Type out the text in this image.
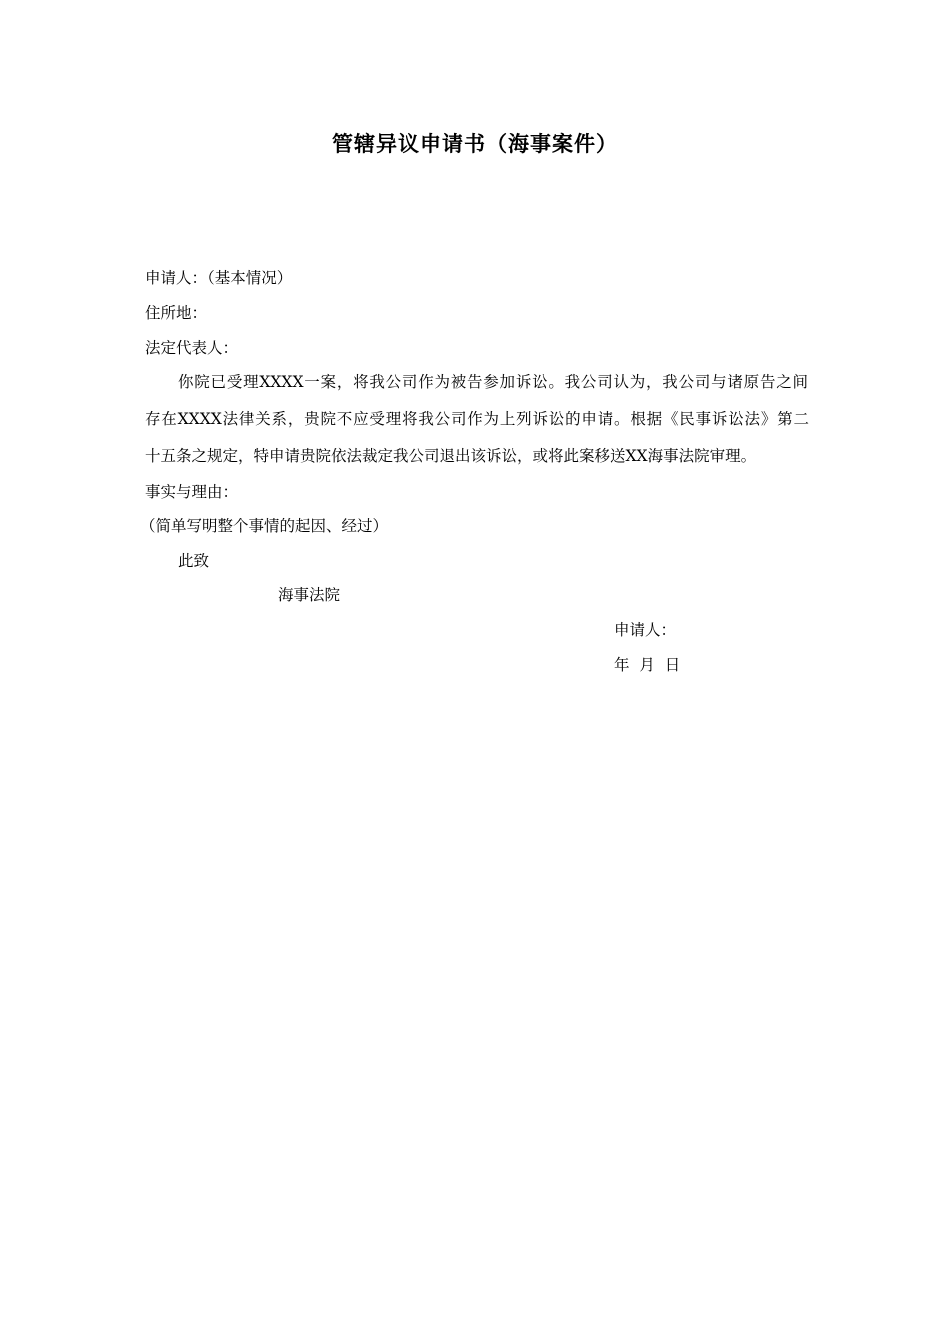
管辖异议申请书（海事案件）
申请人：（基本情况）
住所地：
法定代表人：
你院已受理XXXX一案，将我公司作为被告参加诉讼。我公司认为，我公司与诸原告之间
存在XXXX法律关系，贵院不应受理将我公司作为上列诉讼的申请。根据《民事诉讼法》第二
十五条之规定，特申请贵院依法裁定我公司退出该诉讼，或将此案移送XX海事法院审理。
事实与理由：
（简单写明整个事情的起因、经过）
此致
海事法院
申请人：
年  月  日
